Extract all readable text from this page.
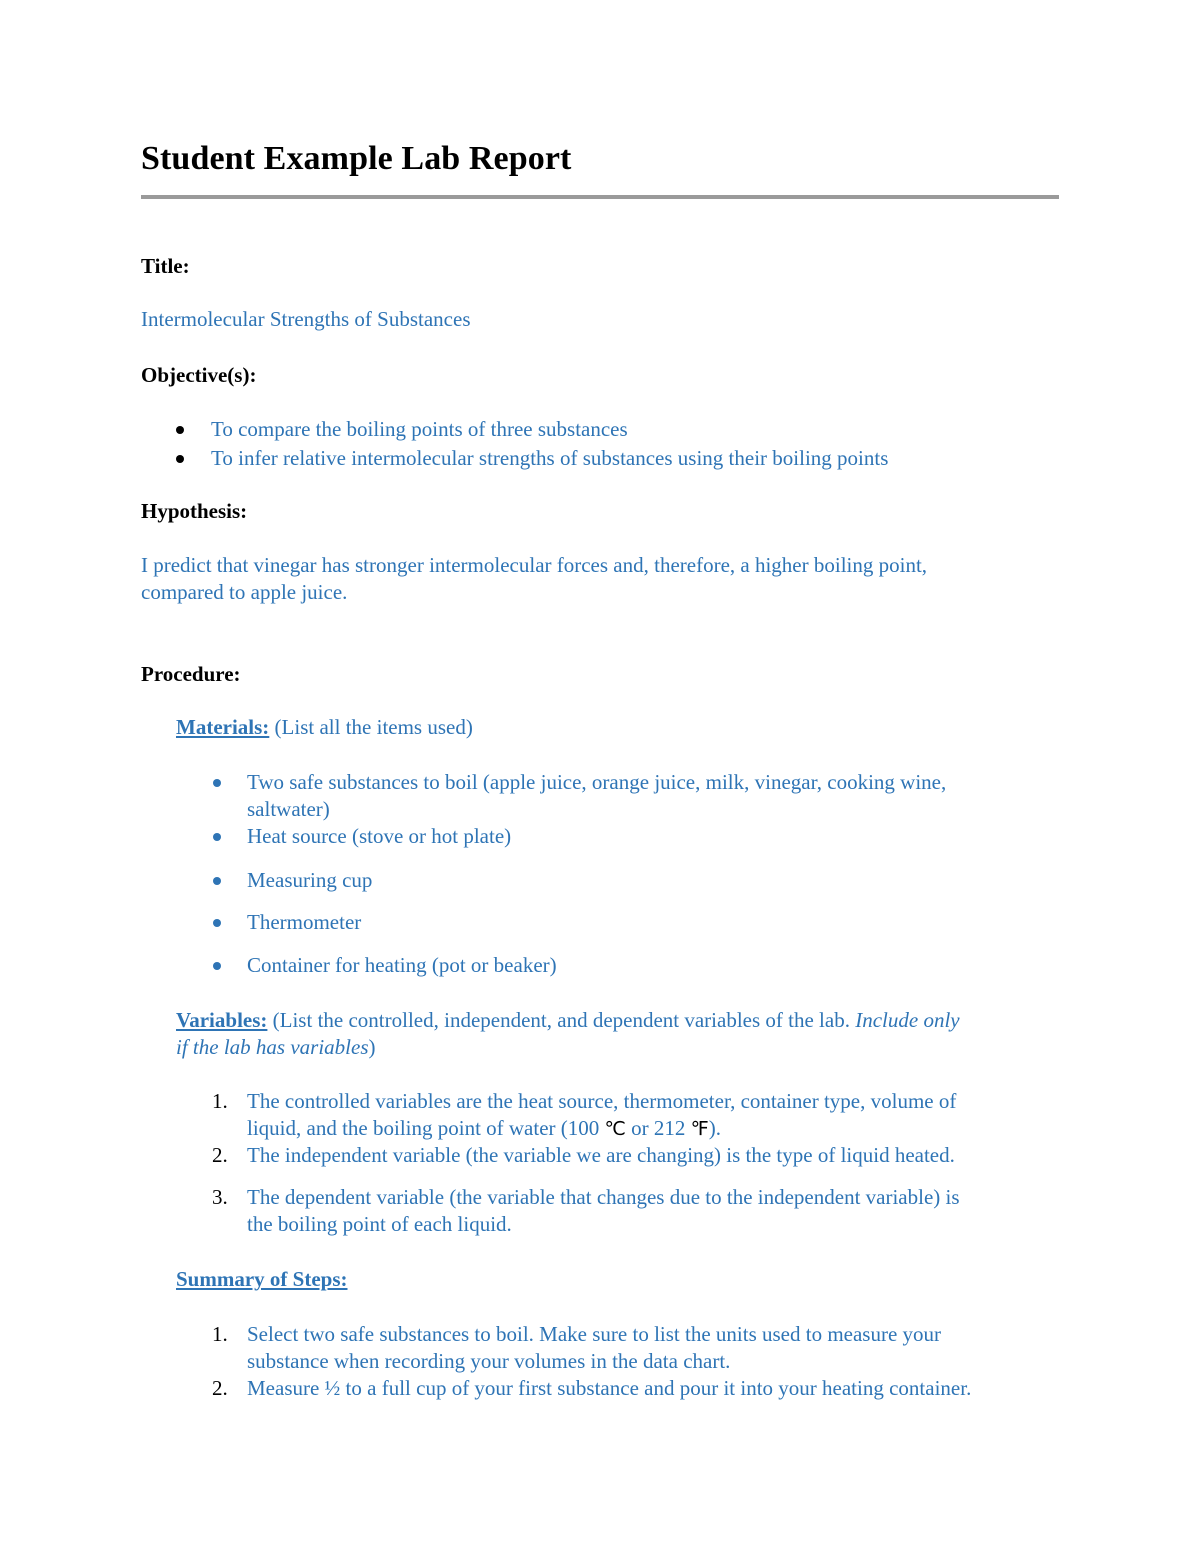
Student Example Lab Report

Title:

Intermolecular Strengths of Substances

Objective(s):

To compare the boiling points of three substances
To infer relative intermolecular strengths of substances using their boiling points

Hypothesis:

I predict that vinegar has stronger intermolecular forces and, therefore, a higher boiling point,

compared to apple juice.

Procedure:

Materials: (List all the items used)

Two safe substances to boil (apple juice, orange juice, milk, vinegar, cooking wine,
saltwater)
Heat source (stove or hot plate)
Measuring cup
Thermometer
Container for heating (pot or beaker)

Variables: (List the controlled, independent, and dependent variables of the lab. Include only

if the lab has variables)

1. The controlled variables are the heat source, thermometer, container type, volume of
liquid, and the boiling point of water (100 ℃ or 212 ℉).
2. The independent variable (the variable we are changing) is the type of liquid heated.
3. The dependent variable (the variable that changes due to the independent variable) is
the boiling point of each liquid.

Summary of Steps:

1. Select two safe substances to boil. Make sure to list the units used to measure your
substance when recording your volumes in the data chart.
2. Measure ½ to a full cup of your first substance and pour it into your heating container.
